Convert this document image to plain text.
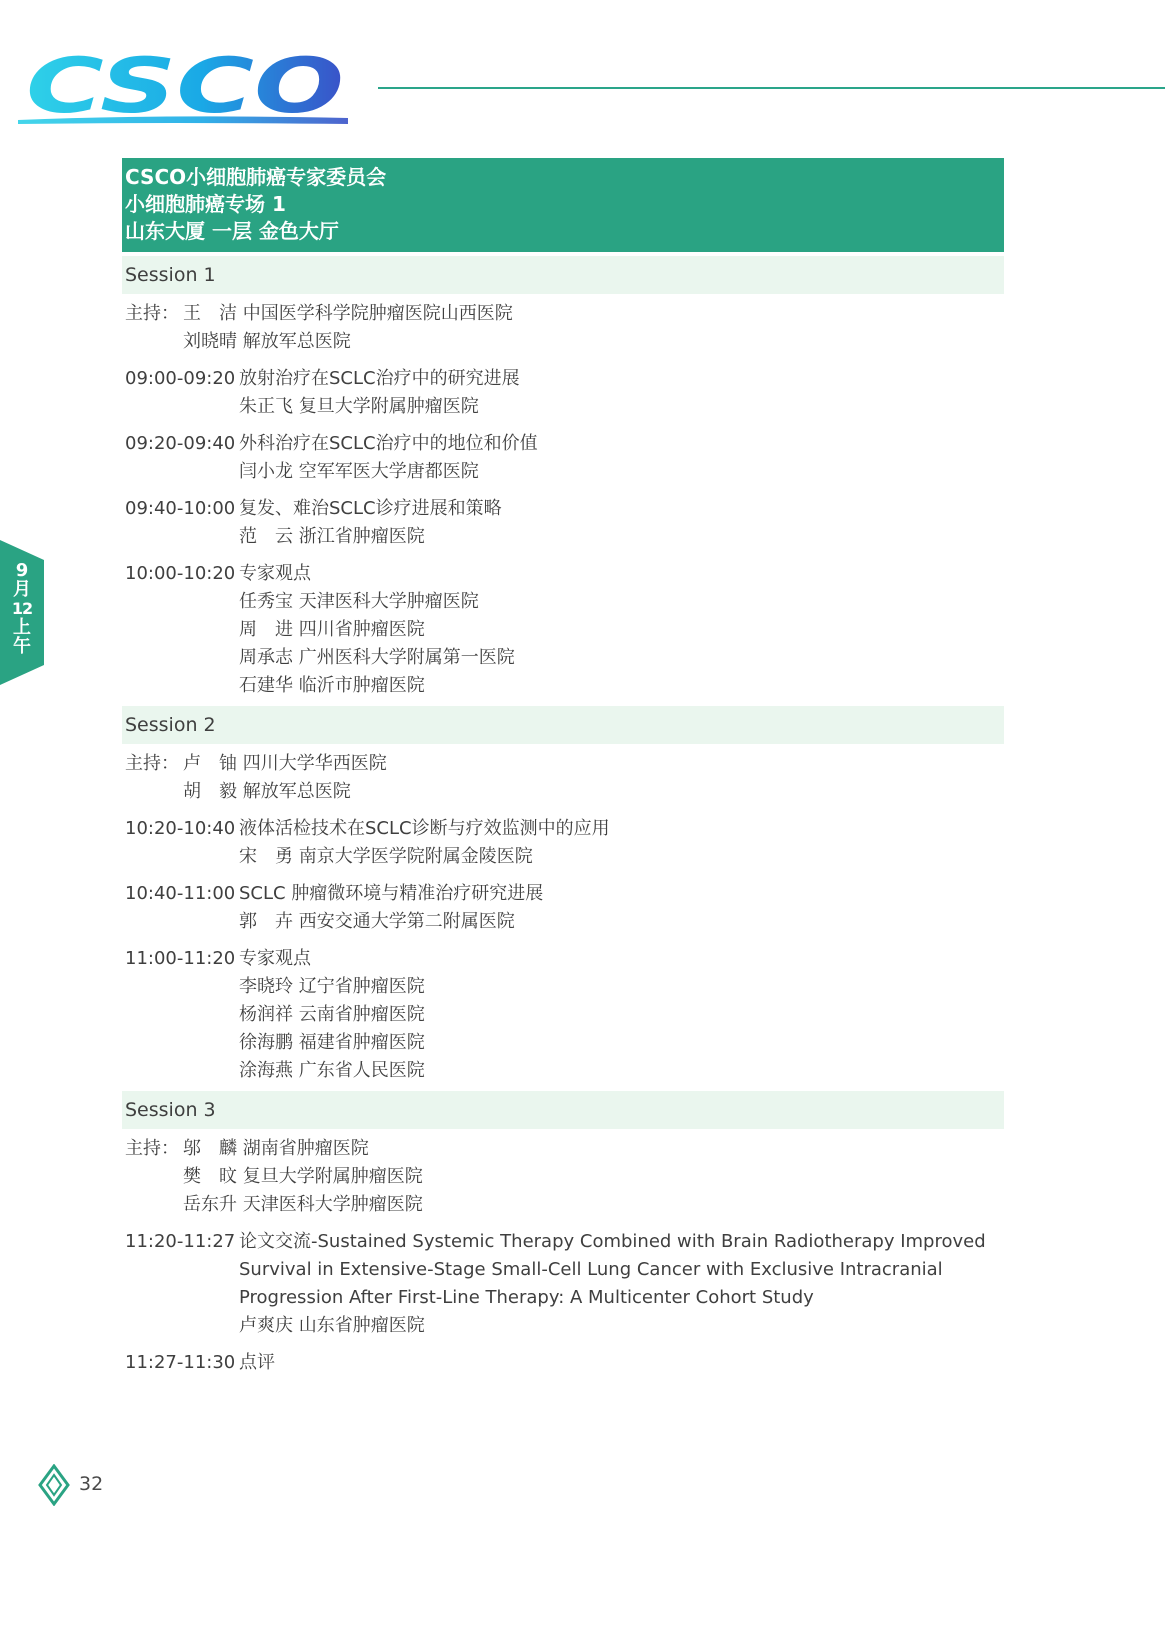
CSCO
CSCO小细胞肺癌专家委员会
小细胞肺癌专场 1
山东大厦 一层 金色大厅
Session 1
主持： 王　洁 中国医学科学院肿瘤医院山西医院
刘晓晴 解放军总医院
09:00-09:20 放射治疗在SCLC治疗中的研究进展
朱正飞 复旦大学附属肿瘤医院
09:20-09:40 外科治疗在SCLC治疗中的地位和价值
闫小龙 空军军医大学唐都医院
09:40-10:00 复发、难治SCLC诊疗进展和策略
范　云 浙江省肿瘤医院
10:00-10:20 专家观点
任秀宝 天津医科大学肿瘤医院
周　进 四川省肿瘤医院
周承志 广州医科大学附属第一医院
石建华 临沂市肿瘤医院
Session 2
主持： 卢　铀 四川大学华西医院
胡　毅 解放军总医院
10:20-10:40 液体活检技术在SCLC诊断与疗效监测中的应用
宋　勇 南京大学医学院附属金陵医院
10:40-11:00 SCLC 肿瘤微环境与精准治疗研究进展
郭　卉 西安交通大学第二附属医院
11:00-11:20 专家观点
李晓玲 辽宁省肿瘤医院
杨润祥 云南省肿瘤医院
徐海鹏 福建省肿瘤医院
涂海燕 广东省人民医院
Session 3
主持： 邬　麟 湖南省肿瘤医院
樊　旼 复旦大学附属肿瘤医院
岳东升 天津医科大学肿瘤医院
11:20-11:27 论文交流-Sustained Systemic Therapy Combined with Brain Radiotherapy Improved Survival in Extensive-Stage Small-Cell Lung Cancer with Exclusive Intracranial Progression After First-Line Therapy: A Multicenter Cohort Study
卢爽庆 山东省肿瘤医院
11:27-11:30 点评
9
月
12
上
午
32
